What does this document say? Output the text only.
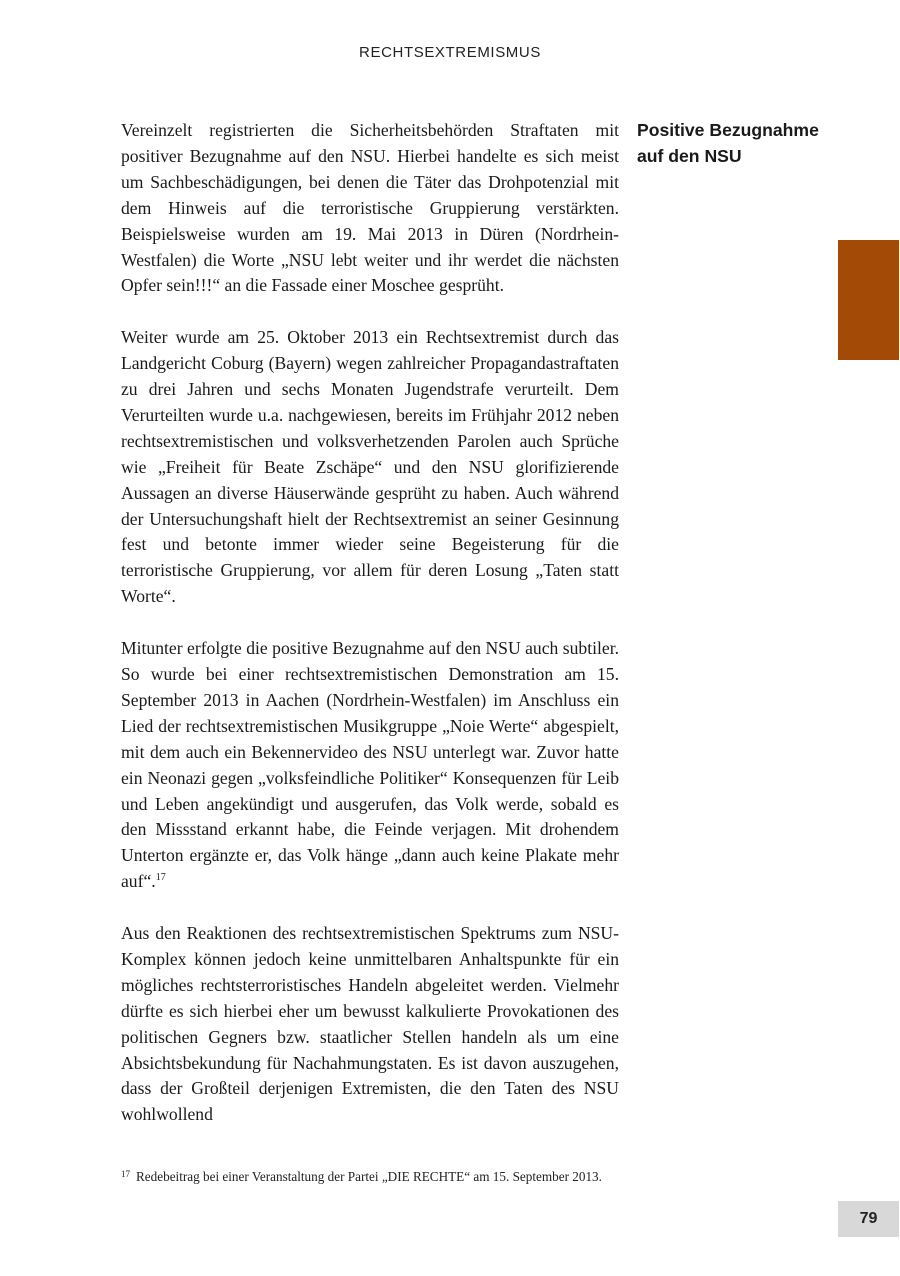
RECHTSEXTREMISMUS

Vereinzelt registrierten die Sicherheitsbehörden Straftaten mit positiver Bezugnahme auf den NSU. Hierbei handelte es sich meist um Sachbeschädigungen, bei denen die Täter das Drohpotenzial mit dem Hinweis auf die terroristische Gruppierung verstärkten. Beispielsweise wurden am 19. Mai 2013 in Düren (Nordrhein-Westfalen) die Worte „NSU lebt weiter und ihr werdet die nächsten Opfer sein!!!“ an die Fassade einer Moschee gesprüht.

Weiter wurde am 25. Oktober 2013 ein Rechtsextremist durch das Landgericht Coburg (Bayern) wegen zahlreicher Propagandastraftaten zu drei Jahren und sechs Monaten Jugendstrafe verurteilt. Dem Verurteilten wurde u.a. nachgewiesen, bereits im Frühjahr 2012 neben rechtsextremistischen und volksverhetzenden Parolen auch Sprüche wie „Freiheit für Beate Zschäpe“ und den NSU glorifizierende Aussagen an diverse Häuserwände gesprüht zu haben. Auch während der Untersuchungshaft hielt der Rechtsextremist an seiner Gesinnung fest und betonte immer wieder seine Begeisterung für die terroristische Gruppierung, vor allem für deren Losung „Taten statt Worte“.

Mitunter erfolgte die positive Bezugnahme auf den NSU auch subtiler. So wurde bei einer rechtsextremistischen Demonstration am 15. September 2013 in Aachen (Nordrhein-Westfalen) im Anschluss ein Lied der rechtsextremistischen Musikgruppe „Noie Werte“ abgespielt, mit dem auch ein Bekennervideo des NSU unterlegt war. Zuvor hatte ein Neonazi gegen „volksfeindliche Politiker“ Konsequenzen für Leib und Leben angekündigt und ausgerufen, das Volk werde, sobald es den Missstand erkannt habe, die Feinde verjagen. Mit drohendem Unterton ergänzte er, das Volk hänge „dann auch keine Plakate mehr auf“.$^{17}$

Aus den Reaktionen des rechtsextremistischen Spektrums zum NSU-Komplex können jedoch keine unmittelbaren Anhaltspunkte für ein mögliches rechtsterroristisches Handeln abgeleitet werden. Vielmehr dürfte es sich hierbei eher um bewusst kalkulierte Provokationen des politischen Gegners bzw. staatlicher Stellen handeln als um eine Absichtsbekundung für Nachahmungstaten. Es ist davon auszugehen, dass der Großteil derjenigen Extremisten, die den Taten des NSU wohlwollend

Positive Bezugnahme
auf den NSU
17 Redebeitrag bei einer Veranstaltung der Partei „DIE RECHTE“ am 15. September 2013.
79
